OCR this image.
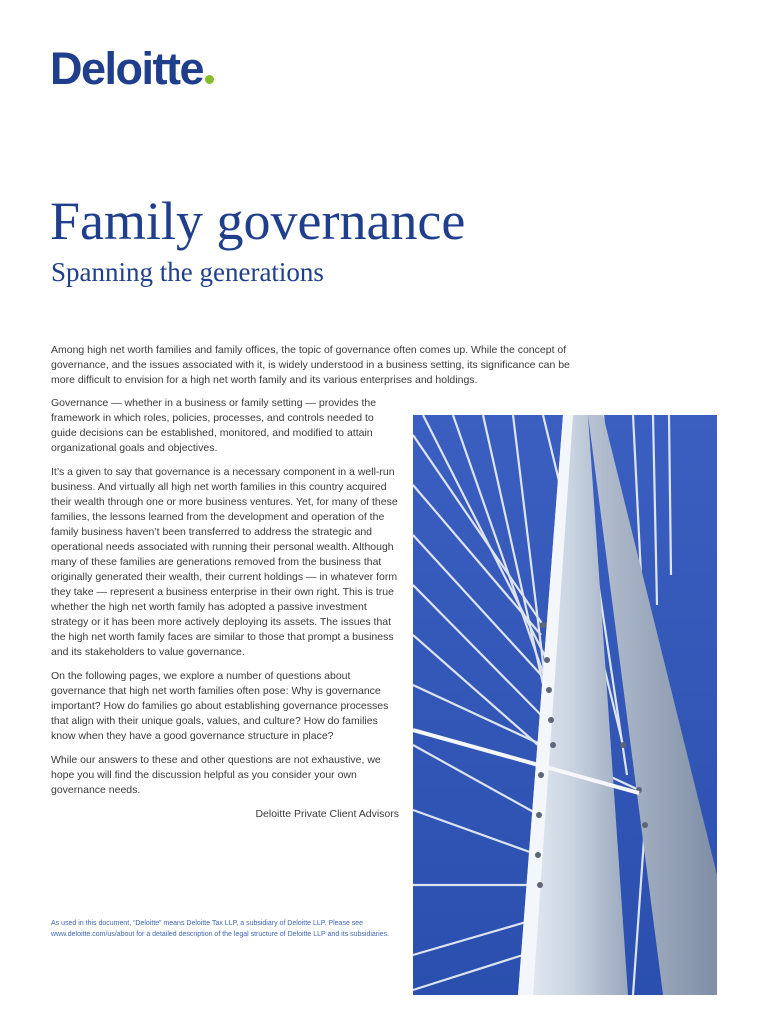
Deloitte
Family governance
Spanning the generations

Among high net worth families and family offices, the topic of governance often comes up. While the concept of governance, and the issues associated with it, is widely understood in a business setting, its significance can be more difficult to envision for a high net worth family and its various enterprises and holdings.

Governance — whether in a business or family setting — provides the framework in which roles, policies, processes, and controls needed to guide decisions can be established, monitored, and modified to attain organizational goals and objectives.

It’s a given to say that governance is a necessary component in a well-run business. And virtually all high net worth families in this country acquired their wealth through one or more business ventures. Yet, for many of these families, the lessons learned from the development and operation of the family business haven’t been transferred to address the strategic and operational needs associated with running their personal wealth. Although many of these families are generations removed from the business that originally generated their wealth, their current holdings — in whatever form they take — represent a business enterprise in their own right. This is true whether the high net worth family has adopted a passive investment strategy or it has been more actively deploying its assets. The issues that the high net worth family faces are similar to those that prompt a business and its stakeholders to value governance.

On the following pages, we explore a number of questions about governance that high net worth families often pose: Why is governance important? How do families go about establishing governance processes that align with their unique goals, values, and culture? How do families know when they have a good governance structure in place?

While our answers to these and other questions are not exhaustive, we hope you will find the discussion helpful as you consider your own governance needs.

Deloitte Private Client Advisors

As used in this document, “Deloitte” means Deloitte Tax LLP, a subsidiary of Deloitte LLP. Please see www.deloitte.com/us/about for a detailed description of the legal structure of Deloitte LLP and its subsidiaries.
